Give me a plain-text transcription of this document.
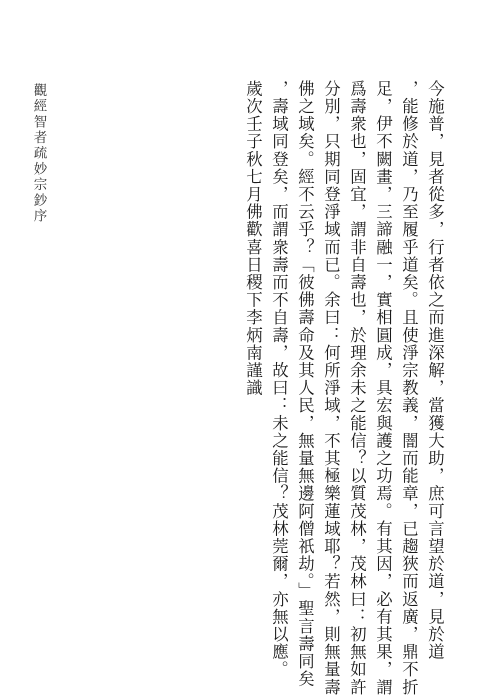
觀經智者疏妙宗鈔序	今施普，見者從多，行者依之而進深解，當獲大助，庶可言望於道，見於道
，能修於道，乃至履乎道矣。且使淨宗教義，闇而能章，已趨狹而返廣，鼎不折
足，伊不闕畫，三諦融一，實相圓成，具宏與護之功焉。有其因，必有其果，謂
爲壽衆也，固宜，謂非自壽也，於理余未之能信？以質茂林，茂林曰：初無如許
分別，只期同登淨域而已。余曰：何所淨域，不其極樂蓮域耶？若然，則無量壽
佛之域矣。經不云乎？「彼佛壽命及其人民，無量無邊阿僧祇劫。」聖言壽同矣
，壽域同登矣，而謂衆壽而不自壽，故曰：未之能信？茂林莞爾，亦無以應。
歲次壬子秋七月佛歡喜日稷下李炳南謹識
